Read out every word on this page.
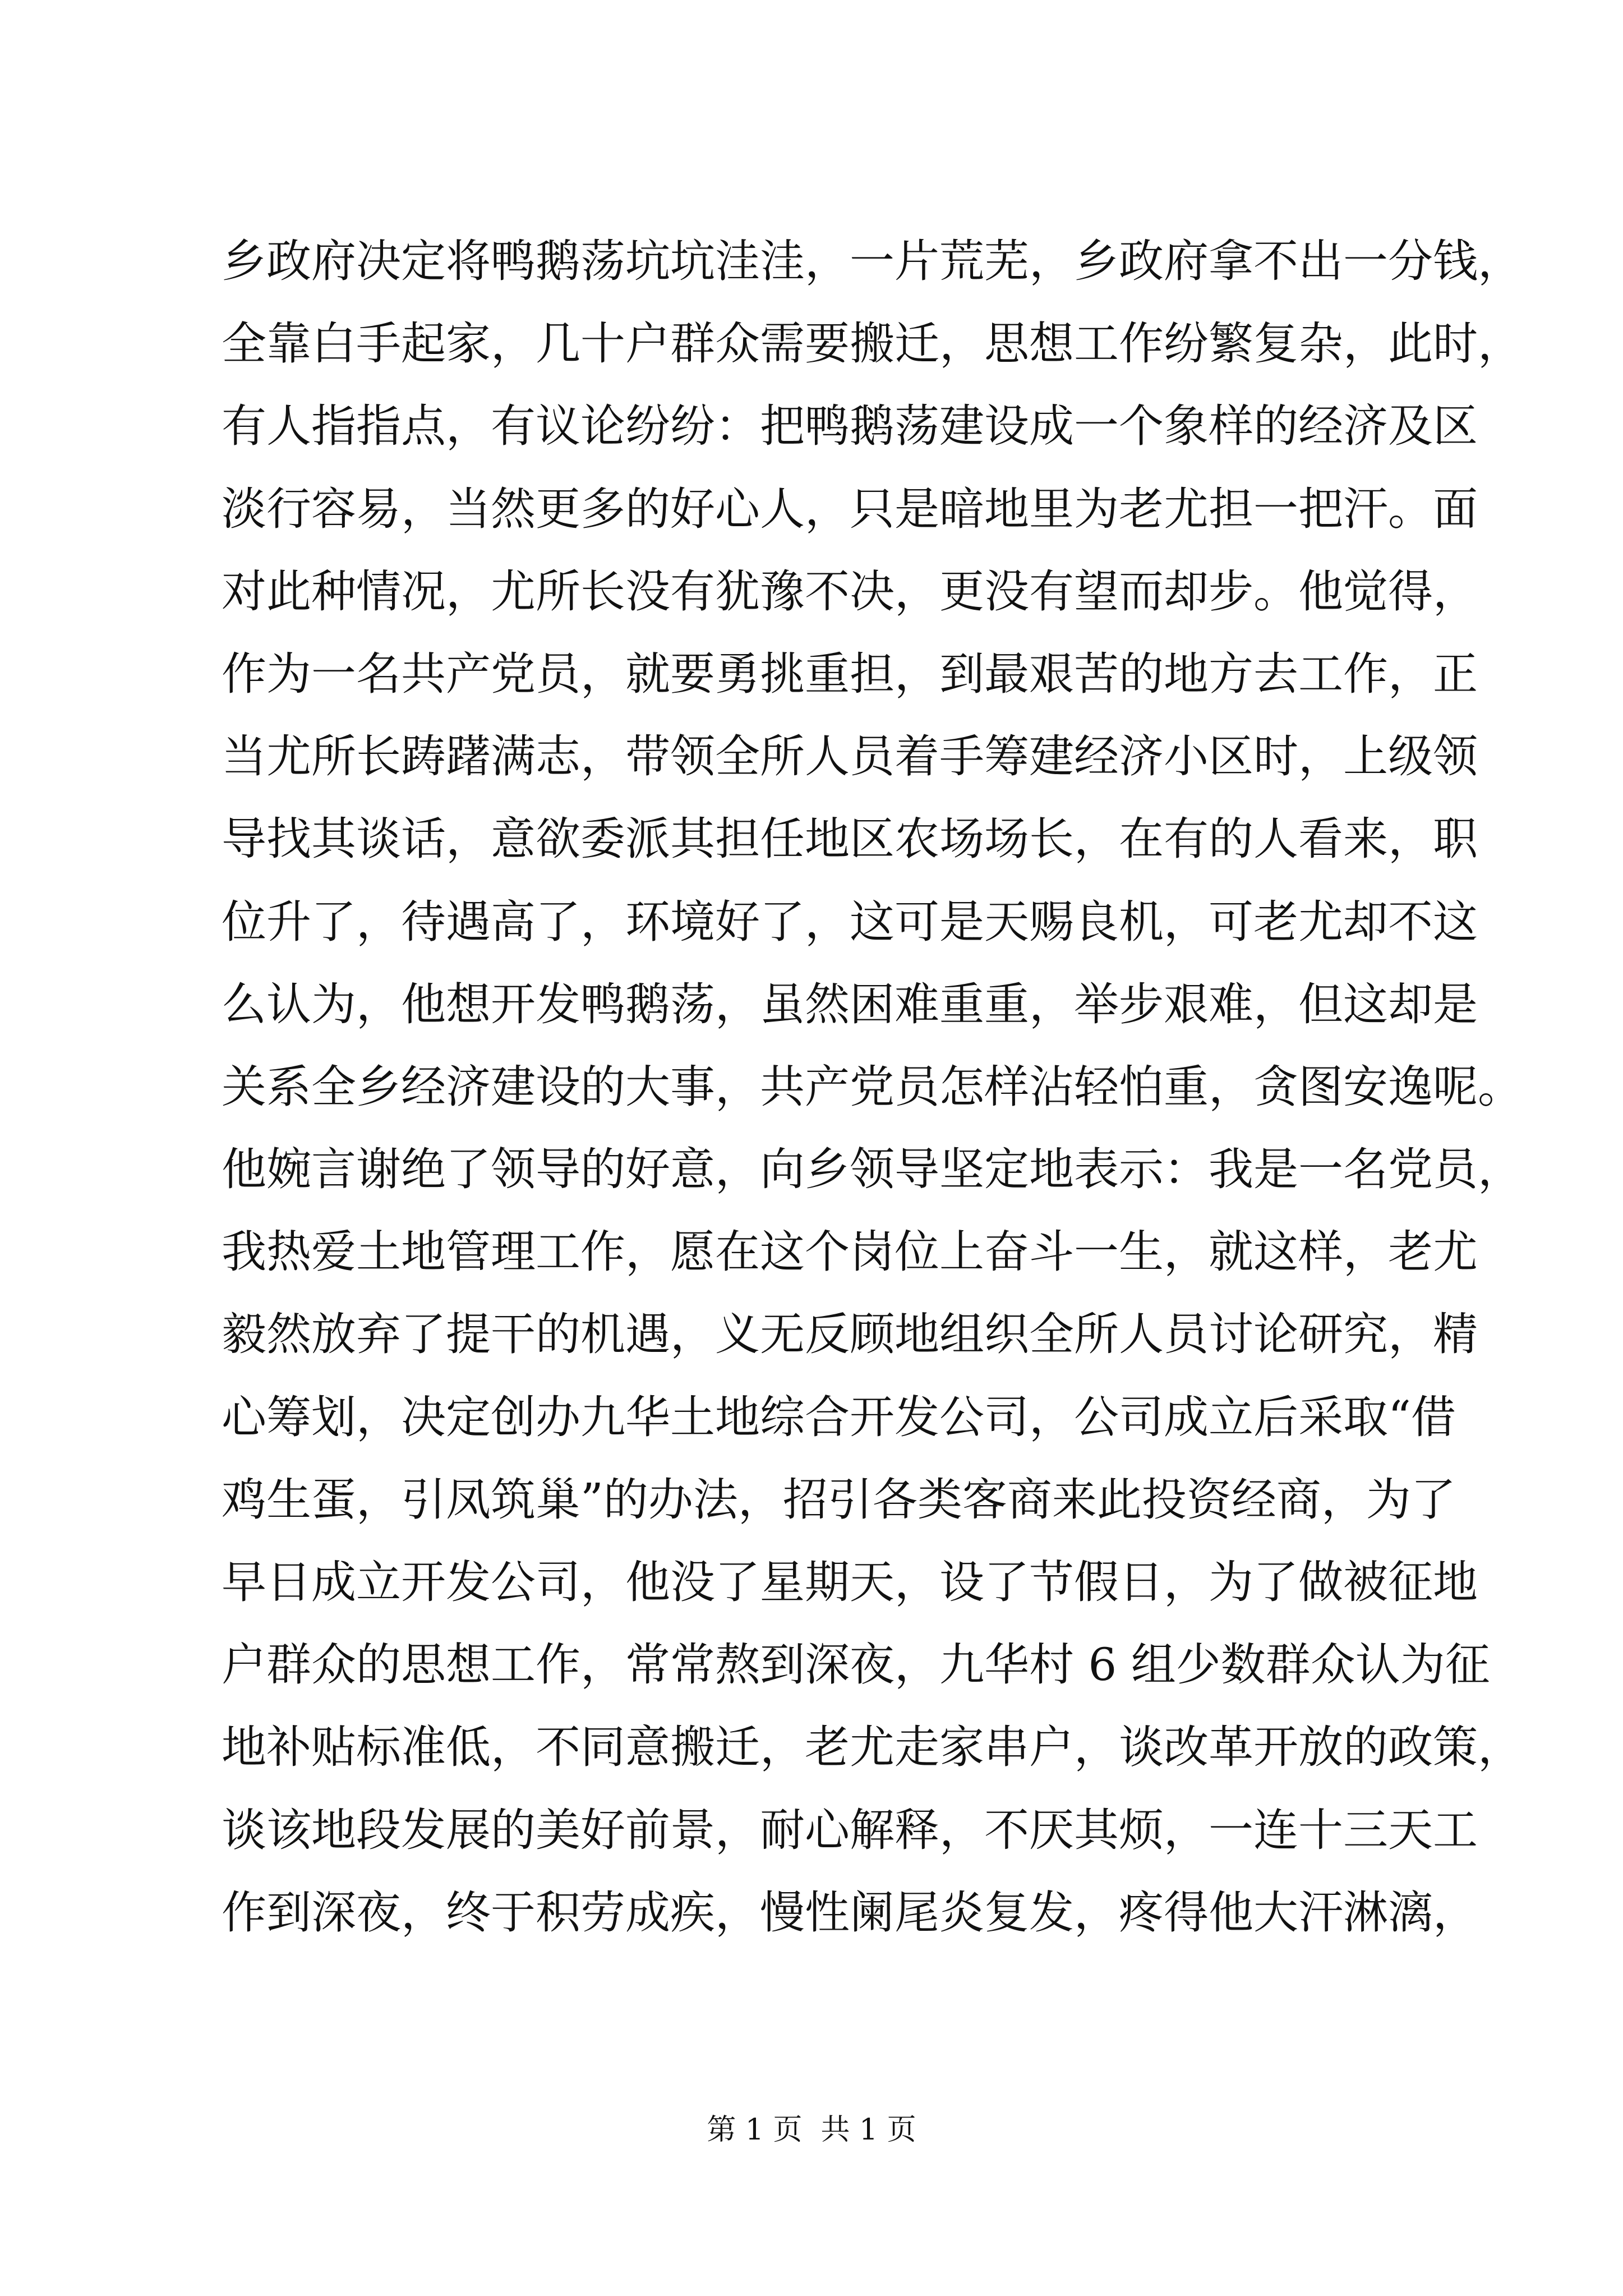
乡政府决定将鸭鹅荡坑坑洼洼，一片荒芜，乡政府拿不出一分钱，
全靠白手起家，几十户群众需要搬迁，思想工作纷繁复杂，此时，
有人指指点，有议论纷纷：把鸭鹅荡建设成一个象样的经济及区
淡行容易，当然更多的好心人，只是暗地里为老尤担一把汗。面
对此种情况，尤所长没有犹豫不决，更没有望而却步。他觉得，
作为一名共产党员，就要勇挑重担，到最艰苦的地方去工作，正
当尤所长踌躇满志，带领全所人员着手筹建经济小区时，上级领
导找其谈话，意欲委派其担任地区农场场长，在有的人看来，职
位升了，待遇高了，环境好了，这可是天赐良机，可老尤却不这
么认为，他想开发鸭鹅荡，虽然困难重重，举步艰难，但这却是
关系全乡经济建设的大事，共产党员怎样沾轻怕重，贪图安逸呢。
他婉言谢绝了领导的好意，向乡领导坚定地表示：我是一名党员，
我热爱土地管理工作，愿在这个岗位上奋斗一生，就这样，老尤
毅然放弃了提干的机遇，义无反顾地组织全所人员讨论研究，精
心筹划，决定创办九华土地综合开发公司，公司成立后采取“借
鸡生蛋，引凤筑巢”的办法，招引各类客商来此投资经商，为了
早日成立开发公司，他没了星期天，设了节假日，为了做被征地
户群众的思想工作，常常熬到深夜，九华村 6 组少数群众认为征
地补贴标准低，不同意搬迁，老尤走家串户，谈改革开放的政策，
谈该地段发展的美好前景，耐心解释，不厌其烦，一连十三天工
作到深夜，终于积劳成疾，慢性阑尾炎复发，疼得他大汗淋漓，
第 1 页  共 1 页
